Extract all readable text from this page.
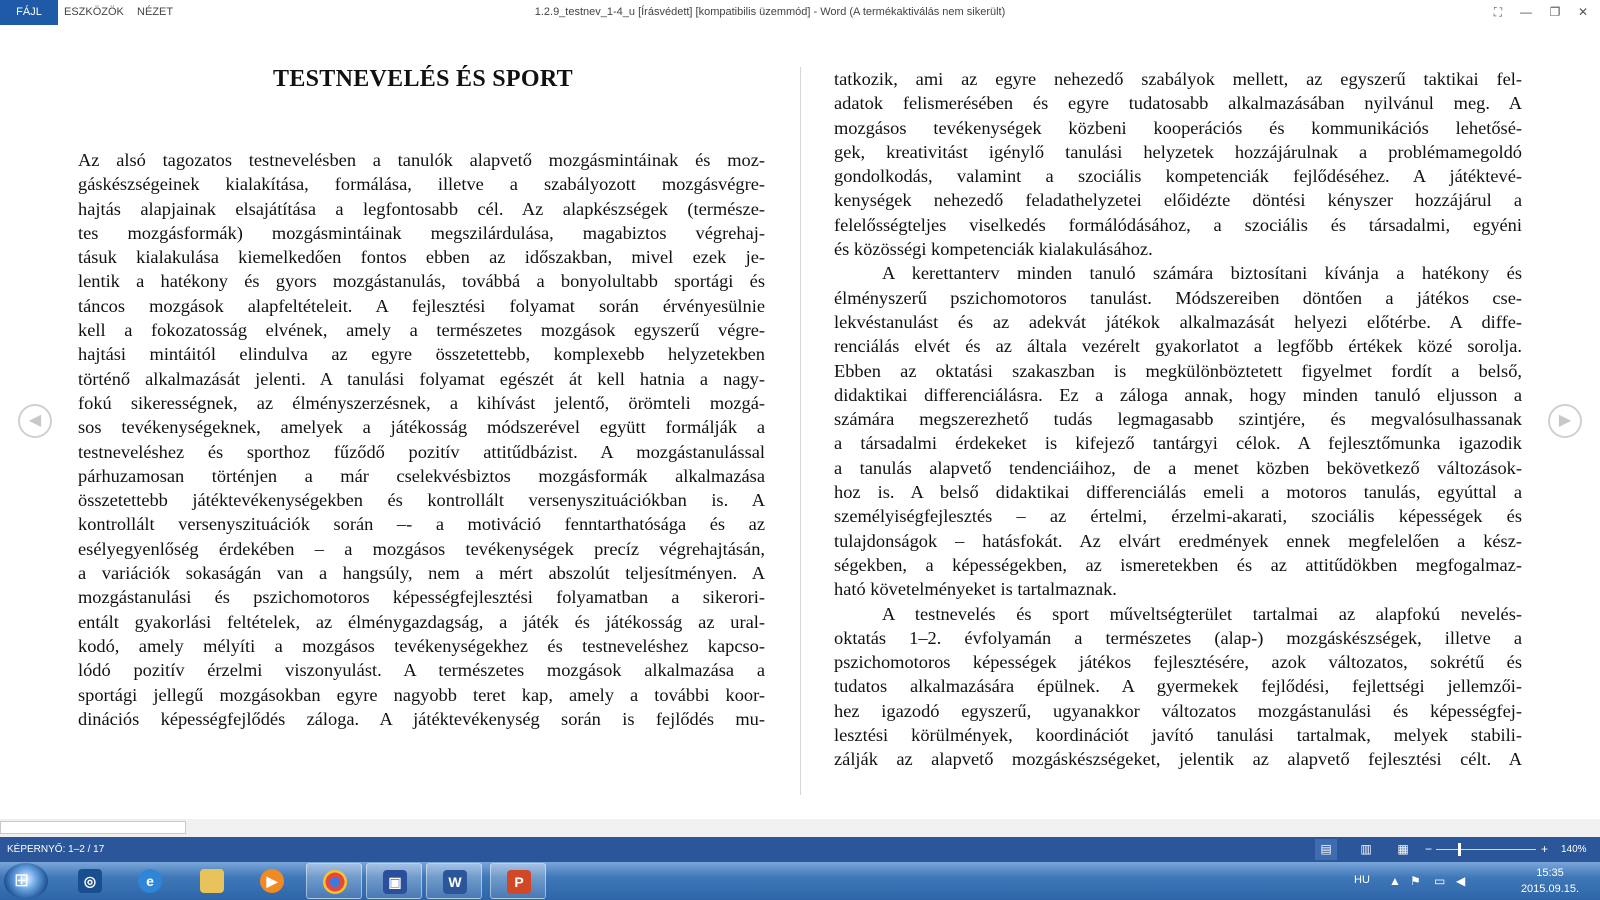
FÁJL	ESZKÖZÖK NÉZET	1.2.9_testnev_1-4_u [Írásvédett] [kompatibilis üzemmód] - Word (A termékaktiválás nem sikerült)	⛶	—	❐	✕
TESTNEVELÉS ÉS SPORT
Az alsó tagozatos testnevelésben a tanulók alapvető mozgásmintáinak és moz-
gáskészségeinek kialakítása, formálása, illetve a szabályozott mozgásvégre-
hajtás alapjainak elsajátítása a legfontosabb cél. Az alapkészségek (természe-
tes mozgásformák) mozgásmintáinak megszilárdulása, magabiztos végrehaj-
tásuk kialakulása kiemelkedően fontos ebben az időszakban, mivel ezek je-
lentik a hatékony és gyors mozgástanulás, továbbá a bonyolultabb sportági és
táncos mozgások alapfeltételeit. A fejlesztési folyamat során érvényesülnie
kell a fokozatosság elvének, amely a természetes mozgások egyszerű végre-
hajtási mintáitól elindulva az egyre összetettebb, komplexebb helyzetekben
történő alkalmazását jelenti. A tanulási folyamat egészét át kell hatnia a nagy-
fokú sikerességnek, az élményszerzésnek, a kihívást jelentő, örömteli mozgá-
sos tevékenységeknek, amelyek a játékosság módszerével együtt formálják a
testneveléshez és sporthoz fűződő pozitív attitűdbázist. A mozgástanulással
párhuzamosan történjen a már cselekvésbiztos mozgásformák alkalmazása
összetettebb játéktevékenységekben és kontrollált versenyszituációkban is. A
kontrollált versenyszituációk során –- a motiváció fenntarthatósága és az
esélyegyenlőség érdekében – a mozgásos tevékenységek precíz végrehajtásán,
a variációk sokaságán van a hangsúly, nem a mért abszolút teljesítményen. A
mozgástanulási és pszichomotoros képességfejlesztési folyamatban a sikerori-
entált gyakorlási feltételek, az élménygazdagság, a játék és játékosság az ural-
kodó, amely mélyíti a mozgásos tevékenységekhez és testneveléshez kapcso-
lódó pozitív érzelmi viszonyulást. A természetes mozgások alkalmazása a
sportági jellegű mozgásokban egyre nagyobb teret kap, amely a további koor-
dinációs képességfejlődés záloga. A játéktevékenység során is fejlődés mu-
tatkozik, ami az egyre nehezedő szabályok mellett, az egyszerű taktikai fel-
adatok felismerésében és egyre tudatosabb alkalmazásában nyilvánul meg. A
mozgásos tevékenységek közbeni kooperációs és kommunikációs lehetősé-
gek, kreativitást igénylő tanulási helyzetek hozzájárulnak a problémamegoldó
gondolkodás, valamint a szociális kompetenciák fejlődéséhez. A játéktevé-
kenységek nehezedő feladathelyzetei előidézte döntési kényszer hozzájárul a
felelősségteljes viselkedés formálódásához, a szociális és társadalmi, egyéni
és közösségi kompetenciák kialakulásához.
A kerettanterv minden tanuló számára biztosítani kívánja a hatékony és
élményszerű pszichomotoros tanulást. Módszereiben döntően a játékos cse-
lekvéstanulást és az adekvát játékok alkalmazását helyezi előtérbe. A diffe-
renciálás elvét és az általa vezérelt gyakorlatot a legfőbb értékek közé sorolja.
Ebben az oktatási szakaszban is megkülönböztetett figyelmet fordít a belső,
didaktikai differenciálásra. Ez a záloga annak, hogy minden tanuló eljusson a
számára megszerezhető tudás legmagasabb szintjére, és megvalósulhassanak
a társadalmi érdekeket is kifejező tantárgyi célok. A fejlesztőmunka igazodik
a tanulás alapvető tendenciáihoz, de a menet közben bekövetkező változások-
hoz is. A belső didaktikai differenciálás emeli a motoros tanulás, egyúttal a
személyiségfejlesztés – az értelmi, érzelmi-akarati, szociális képességek és
tulajdonságok – hatásfokát. Az elvárt eredmények ennek megfelelően a kész-
ségekben, a képességekben, az ismeretekben és az attitűdökben megfogalmaz-
ható követelményeket is tartalmaznak.
A testnevelés és sport műveltségterület tartalmai az alapfokú nevelés-
oktatás 1–2. évfolyamán a természetes (alap-) mozgáskészségek, illetve a
pszichomotoros képességek játékos fejlesztésére, azok változatos, sokrétű és
tudatos alkalmazására épülnek. A gyermekek fejlődési, fejlettségi jellemzői-
hez igazodó egyszerű, ugyanakkor változatos mozgástanulási és képességfej-
lesztési körülmények, koordinációt javító tanulási tartalmak, melyek stabili-
zálják az alapvető mozgáskészségeket, jelentik az alapvető fejlesztési célt. A
◀	▶
KÉPERNYŐ: 1–2 / 17	▤	▥ ▦ −	+ 140%
⊞	◎	e	▶	▣	W	P	HU ▲ ⚑ ▭ ◀
15:35
2015.09.15.
